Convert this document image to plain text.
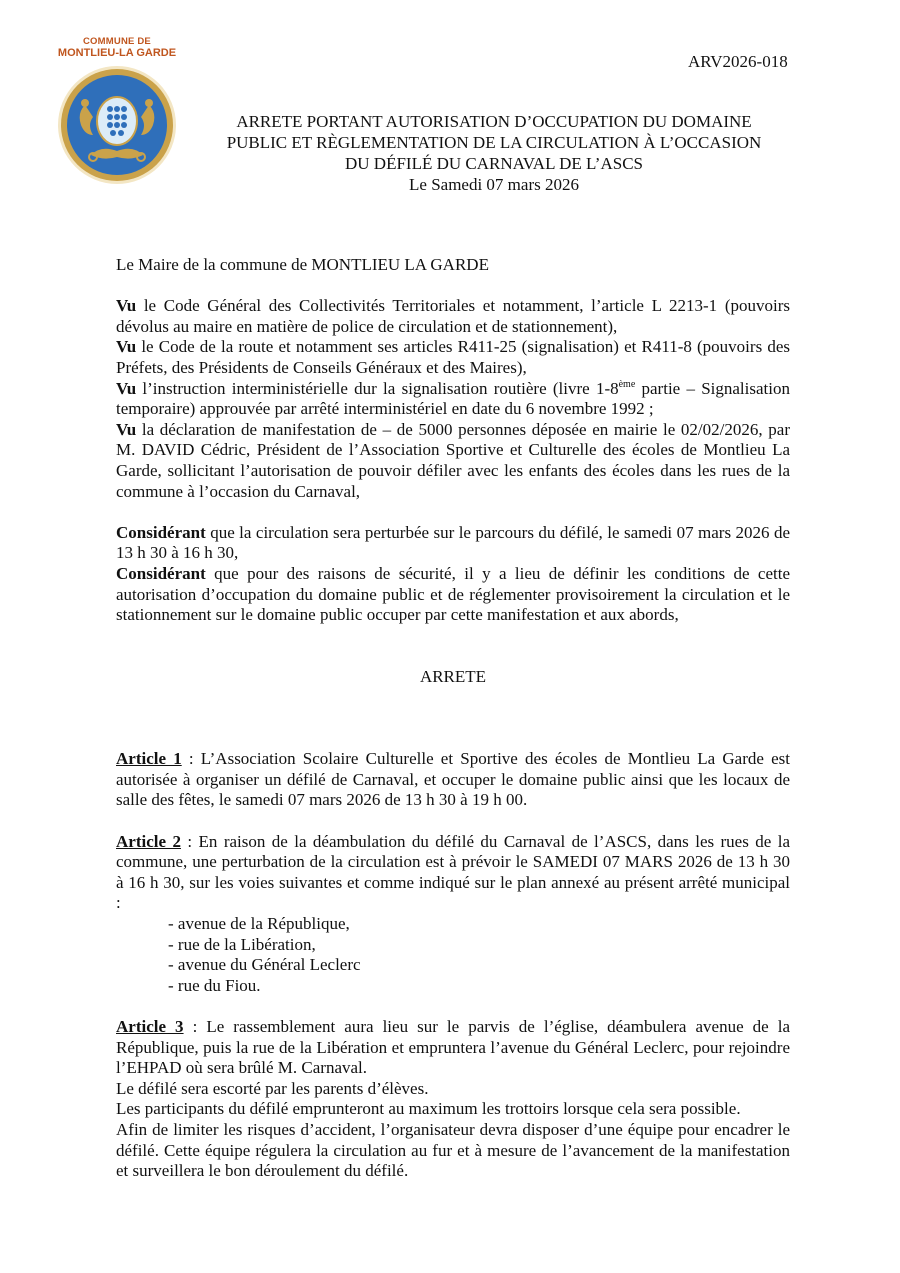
COMMUNE DE
MONTLIEU-LA GARDE	ARV2026-018
ARRETE PORTANT AUTORISATION D’OCCUPATION DU DOMAINE
PUBLIC ET RÈGLEMENTATION DE LA CIRCULATION À L’OCCASION
DU DÉFILÉ DU CARNAVAL DE L’ASCS
Le Samedi 07 mars 2026

Le Maire de la commune de MONTLIEU LA GARDE

Vu le Code Général des Collectivités Territoriales et notamment, l’article L 2213-1 (pouvoirs dévolus au maire en matière de police de circulation et de stationnement),

Vu le Code de la route et notamment ses articles R411-25 (signalisation) et R411-8 (pouvoirs des Préfets, des Présidents de Conseils Généraux et des Maires),

Vu l’instruction interministérielle dur la signalisation routière (livre 1-8ème partie – Signalisation temporaire) approuvée par arrêté interministériel en date du 6 novembre 1992 ;

Vu la déclaration de manifestation de – de 5000 personnes déposée en mairie le 02/02/2026, par M. DAVID Cédric, Président de l’Association Sportive et Culturelle des écoles de Montlieu La Garde, sollicitant l’autorisation de pouvoir défiler avec les enfants des écoles dans les rues de la commune à l’occasion du Carnaval,

Considérant que la circulation sera perturbée sur le parcours du défilé, le samedi 07 mars 2026 de 13 h 30 à 16 h 30,

Considérant que pour des raisons de sécurité, il y a lieu de définir les conditions de cette autorisation d’occupation du domaine public et de réglementer provisoirement la circulation et le stationnement sur le domaine public occuper par cette manifestation et aux abords,

ARRETE

Article 1 : L’Association Scolaire Culturelle et Sportive des écoles de Montlieu La Garde est autorisée à organiser un défilé de Carnaval, et occuper le domaine public ainsi que les locaux de salle des fêtes, le samedi 07 mars 2026 de 13 h 30 à 19 h 00.

Article 2 : En raison de la déambulation du défilé du Carnaval de l’ASCS, dans les rues de la commune, une perturbation de la circulation est à prévoir le SAMEDI 07 MARS 2026 de 13 h 30 à 16 h 30, sur les voies suivantes et comme indiqué sur le plan annexé au présent arrêté municipal :

- avenue de la République,

- rue de la Libération,

- avenue du Général Leclerc

- rue du Fiou.

Article 3 : Le rassemblement aura lieu sur le parvis de l’église, déambulera avenue de la République, puis la rue de la Libération et empruntera l’avenue du Général Leclerc, pour rejoindre l’EHPAD où sera brûlé M. Carnaval.

Le défilé sera escorté par les parents d’élèves.

Les participants du défilé emprunteront au maximum les trottoirs lorsque cela sera possible.

Afin de limiter les risques d’accident, l’organisateur devra disposer d’une équipe pour encadrer le défilé. Cette équipe régulera la circulation au fur et à mesure de l’avancement de la manifestation et surveillera le bon déroulement du défilé.
